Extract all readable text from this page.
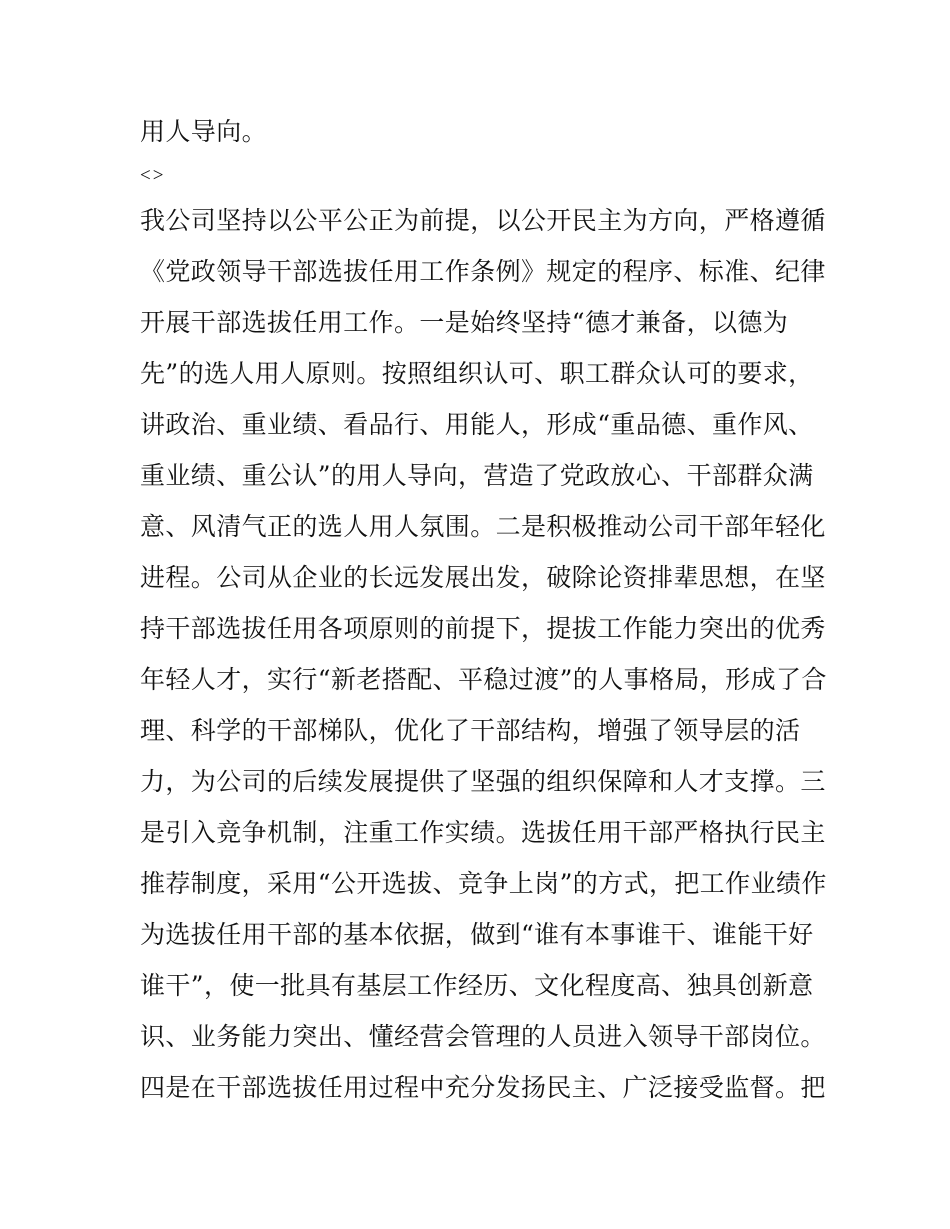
用人导向。
<>
我公司坚持以公平公正为前提，以公开民主为方向，严格遵循
《党政领导干部选拔任用工作条例》规定的程序、标准、纪律
开展干部选拔任用工作。一是始终坚持“德才兼备，以德为
先”的选人用人原则。按照组织认可、职工群众认可的要求，
讲政治、重业绩、看品行、用能人，形成“重品德、重作风、
重业绩、重公认”的用人导向，营造了党政放心、干部群众满
意、风清气正的选人用人氛围。二是积极推动公司干部年轻化
进程。公司从企业的长远发展出发，破除论资排辈思想，在坚
持干部选拔任用各项原则的前提下，提拔工作能力突出的优秀
年轻人才，实行“新老搭配、平稳过渡”的人事格局，形成了合
理、科学的干部梯队，优化了干部结构，增强了领导层的活
力，为公司的后续发展提供了坚强的组织保障和人才支撑。三
是引入竞争机制，注重工作实绩。选拔任用干部严格执行民主
推荐制度，采用“公开选拔、竞争上岗”的方式，把工作业绩作
为选拔任用干部的基本依据，做到“谁有本事谁干、谁能干好
谁干”，使一批具有基层工作经历、文化程度高、独具创新意
识、业务能力突出、懂经营会管理的人员进入领导干部岗位。
四是在干部选拔任用过程中充分发扬民主、广泛接受监督。把
